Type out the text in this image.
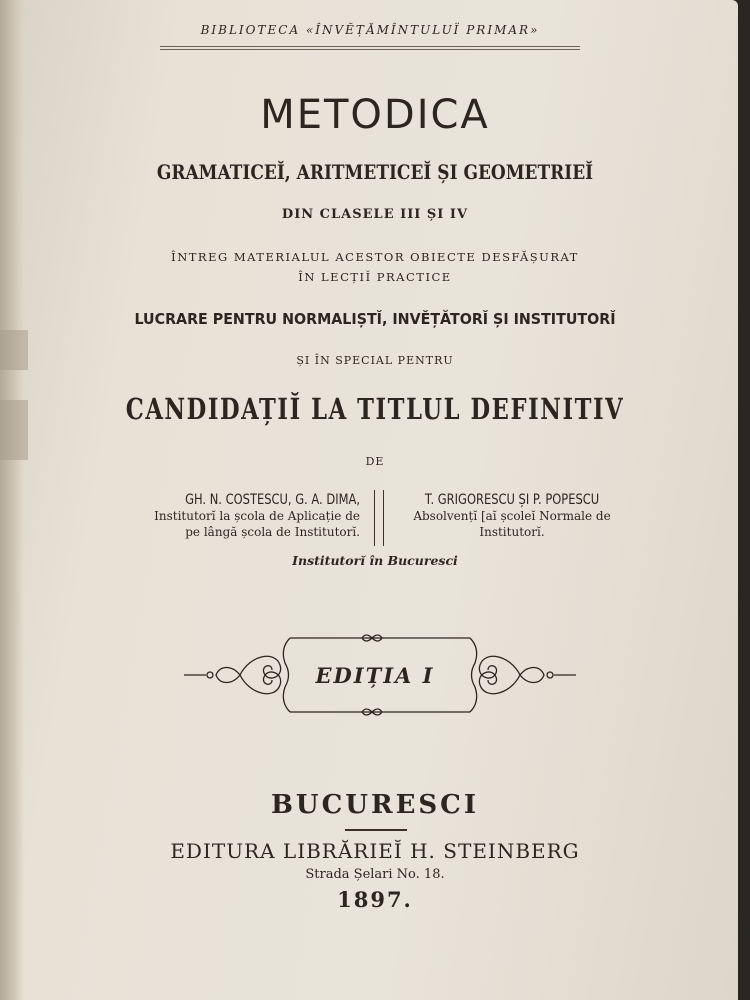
BIBLIOTECA «ÎNVĔȚĂMÎNTULUÏ PRIMAR»
METODICA
GRAMATICEĬ, ARITMETICEĬ ȘI GEOMETRIEĬ
DIN CLASELE III ȘI IV
ÎNTREG MATERIALUL ACESTOR OBIECTE DESFĂȘURAT
ÎN LECȚIĬ PRACTICE
LUCRARE PENTRU NORMALIȘTĬ, INVĔȚĂTORĬ ȘI INSTITUTORĬ
ȘI ÎN SPECIAL PENTRU
CANDIDAȚIĬ LA TITLUL DEFINITIV
DE
GH. N. COSTESCU, G. A. DIMA,
Institutorĭ la școla de Aplicație de
pe lângă școla de Institutorĭ.
T. GRIGORESCU ȘI P. POPESCU
Absolvențĭ [aĭ școleĭ Normale de
Institutorĭ.
Institutorĭ în Bucuresci
EDIȚIA I
BUCURESCI
EDITURA LIBRĂRIEĬ H. STEINBERG
Strada Șelari No. 18.
1897.
